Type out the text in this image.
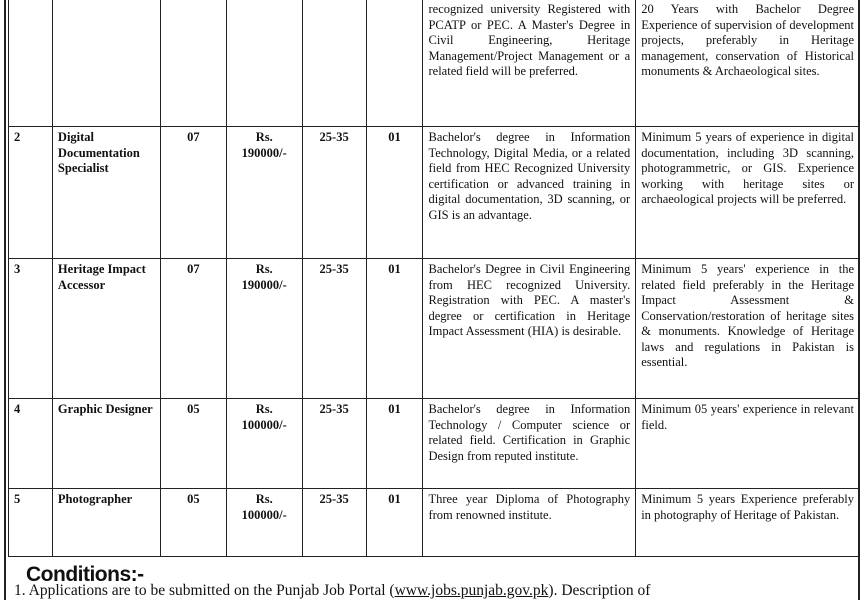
						recognized university Registered with PCATP or PEC. A Master's Degree in Civil Engineering, Heritage Management/Project Management or a related field will be preferred.	20 Years with Bachelor Degree Experience of supervision of development projects, preferably in Heritage management, conservation of Historical monuments & Archaeological sites.
2	Digital Documentation Specialist	07	Rs. 190000/-	25-35	01	Bachelor's degree in Information Technology, Digital Media, or a related field from HEC Recognized University certification or advanced training in digital documentation, 3D scanning, or GIS is an advantage.	Minimum 5 years of experience in digital documentation, including 3D scanning, photogrammetric, or GIS. Experience working with heritage sites or archaeological projects will be preferred.
3	Heritage Impact Accessor	07	Rs. 190000/-	25-35	01	Bachelor's Degree in Civil Engineering from HEC recognized University. Registration with PEC. A master's degree or certification in Heritage Impact Assessment (HIA) is desirable.	Minimum 5 years' experience in the related field preferably in the Heritage Impact Assessment & Conservation/restoration of heritage sites & monuments. Knowledge of Heritage laws and regulations in Pakistan is essential.
4	Graphic Designer	05	Rs. 100000/-	25-35	01	Bachelor's degree in Information Technology / Computer science or related field. Certification in Graphic Design from reputed institute.	Minimum 05 years' experience in relevant field.
5	Photographer	05	Rs. 100000/-	25-35	01	Three year Diploma of Photography from renowned institute.	Minimum 5 years Experience preferably in photography of Heritage of Pakistan.
Conditions:-
1. Applications are to be submitted on the Punjab Job Portal (www.jobs.punjab.gov.pk). Description of
